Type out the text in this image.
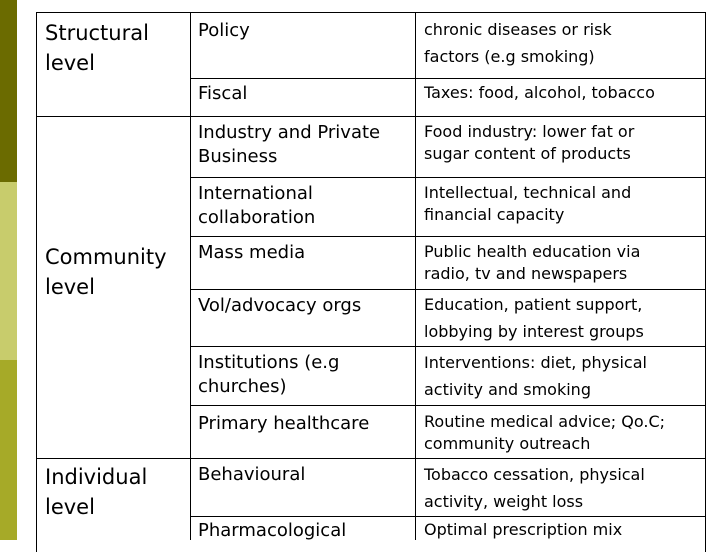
Structural
level
Community
level
Individual
level
Policy
Fiscal
Industry and Private
Business
International
collaboration
Mass media
Vol/advocacy orgs
Institutions (e.g
churches)
Primary healthcare
Behavioural
Pharmacological
chronic diseases or risk
factors (e.g smoking)
Taxes: food, alcohol, tobacco
Food industry: lower fat or
sugar content of products
Intellectual, technical and
financial capacity
Public health education via
radio, tv and newspapers
Education, patient support,
lobbying by interest groups
Interventions: diet, physical
activity and smoking
Routine medical advice; Qo.C;
community outreach
Tobacco cessation, physical
activity, weight loss
Optimal prescription mix
